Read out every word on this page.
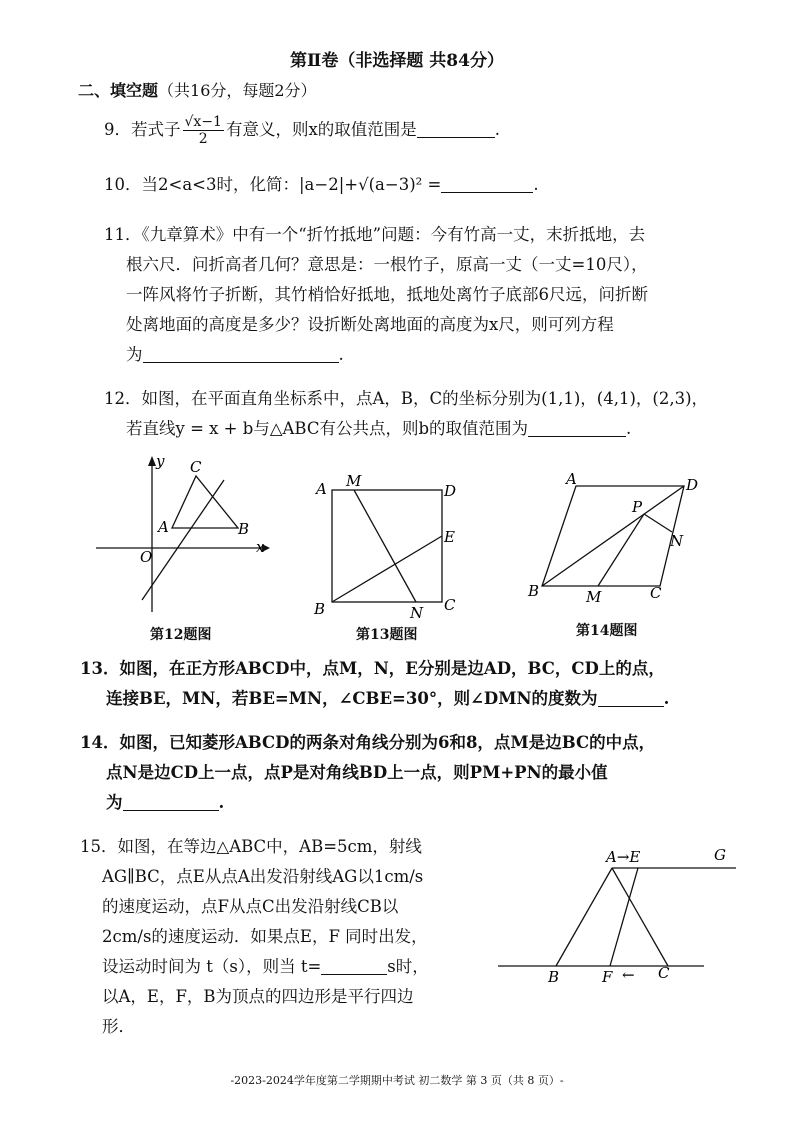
第Ⅱ卷（非选择题 共84分）
二、填空题（共16分，每题2分）
9．若式子 $\frac{√x-1}{2}$ 有意义，则x的取值范围是	.
10．当2<a<3时，化简：|a−2|+√(a−3)² =	.
11．《九章算术》中有一个“折竹抵地”问题：今有竹高一丈，末折抵地，去
根六尺．问折高者几何？意思是：一根竹子，原高一丈（一丈=10尺），
一阵风将竹子折断，其竹梢恰好抵地，抵地处离竹子底部6尺远，问折断
处离地面的高度是多少？设折断处离地面的高度为x尺，则可列方程
为	.
12．如图，在平面直角坐标系中，点A，B，C的坐标分别为(1,1)，(4,1)，(2,3)，
若直线y = x + b与△ABC有公共点，则b的取值范围为	.
y
x
O
A	B
C
第12题图
A M
D
E
B	N C
第13题图
A	D
P
N
B	M	C
第14题图
13．如图，在正方形ABCD中，点M，N，E分别是边AD，BC，CD上的点，
连接BE，MN，若BE=MN，∠CBE=30°，则∠DMN的度数为	.
14．如图，已知菱形ABCD的两条对角线分别为6和8，点M是边BC的中点，
点N是边CD上一点，点P是对角线BD上一点，则PM+PN的最小值
为	.
15．如图，在等边△ABC中，AB=5cm，射线
AG∥BC，点E从点A出发沿射线AG以1cm/s
的速度运动，点F从点C出发沿射线CB以
2cm/s的速度运动．如果点E，F 同时出发，
设运动时间为 t（s），则当 t=	s时，
以A，E，F，B为顶点的四边形是平行四边
形．
A→E	G
B	F ← C
-2023-2024学年度第二学期期中考试 初二数学 第 3 页（共 8 页）-
